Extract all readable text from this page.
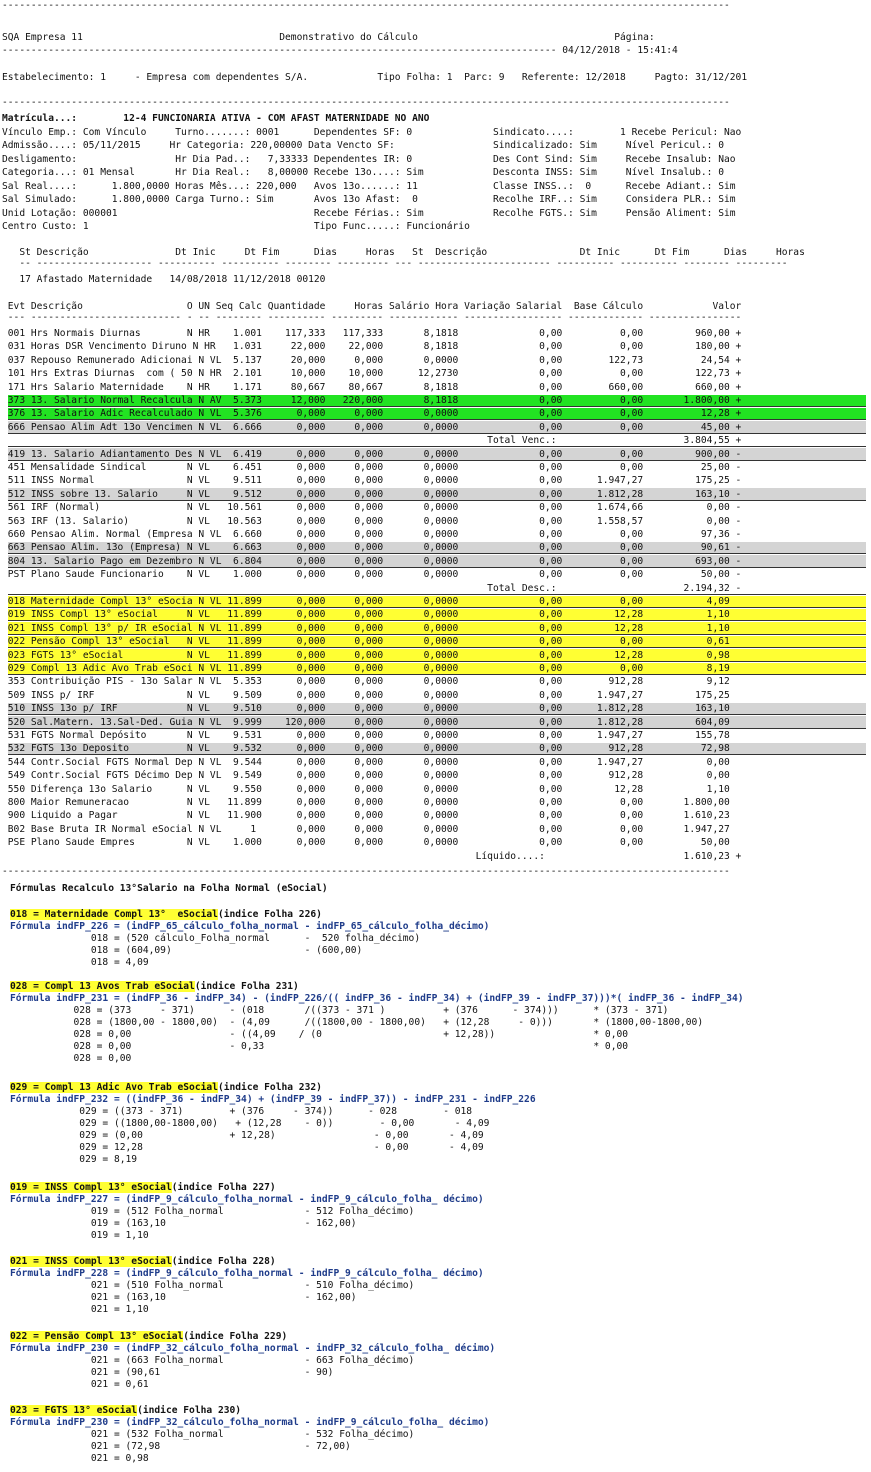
------------------------------------------------------------------------------------------------------------------------------
SQA Empresa 11                                  Demonstrativo do Cálculo                                  Página:
------------------------------------------------------------------------------------------------ 04/12/2018 - 15:41:4
Estabelecimento: 1     - Empresa com dependentes S/A.            Tipo Folha: 1  Parc: 9   Referente: 12/2018     Pagto: 31/12/201
------------------------------------------------------------------------------------------------------------------------------
Matrícula...:        12-4 FUNCIONARIA ATIVA - COM AFAST MATERNIDADE NO ANO
Vínculo Emp.: Com Vínculo     Turno.......: 0001      Dependentes SF: 0              Sindicato....:        1 Recebe Pericul: Nao
Admissão....: 05/11/2015     Hr Categoria: 220,00000 Data Vencto SF:                 Sindicalizado: Sim     Nível Pericul.: 0
Desligamento:                 Hr Dia Pad..:   7,33333 Dependentes IR: 0              Des Cont Sind: Sim     Recebe Insalub: Nao
Categoria...: 01 Mensal       Hr Dia Real.:   8,00000 Recebe 13o....: Sim            Desconta INSS: Sim     Nível Insalub.: 0
Sal Real....:      1.800,0000 Horas Mês...: 220,000   Avos 13o......: 11             Classe INSS..:  0      Recebe Adiant.: Sim
Sal Simulado:      1.800,0000 Carga Turno.: Sim       Avos 13o Afast:  0             Recolhe IRF..: Sim     Considera PLR.: Sim
Unid Lotação: 000001                                  Recebe Férias.: Sim            Recolhe FGTS.: Sim     Pensão Aliment: Sim
Centro Custo: 1                                       Tipo Func.....: Funcionário
St Descrição               Dt Inic     Dt Fim      Dias     Horas   St  Descrição                Dt Inic      Dt Fim      Dias     Horas
-- -------------------- ---------- ---------- -------- --------- --- ----------------------- ---------- ---------- -------- ---------
17 Afastado Maternidade   14/08/2018 11/12/2018 00120
Evt Descrição                  O UN Seq Calc Quantidade     Horas Salário Hora Variação Salarial  Base Cálculo            Valor
--- -------------------------- - -- -------- ---------- --------- ------------ ----------------- ------------- ----------------
001 Hrs Normais Diurnas        N HR    1.001    117,333   117,333       8,1818              0,00          0,00         960,00 +
031 Horas DSR Vencimento Diruno N HR   1.031     22,000    22,000       8,1818              0,00          0,00         180,00 +
037 Repouso Remunerado Adicionai N VL  5.137     20,000     0,000       0,0000              0,00        122,73          24,54 +
101 Hrs Extras Diurnas  com ( 50 N HR  2.101     10,000    10,000      12,2730              0,00          0,00         122,73 +
171 Hrs Salario Maternidade    N HR    1.171     80,667    80,667       8,1818              0,00        660,00         660,00 +
373 13. Salario Normal Recalcula N AV  5.373     12,000   220,000       8,1818              0,00          0,00       1.800,00 +
376 13. Salario Adic Recalculado N VL  5.376      0,000     0,000       0,0000              0,00          0,00          12,28 +
666 Pensao Alim Adt 13o Vencimen N VL  6.666      0,000     0,000       0,0000              0,00          0,00          45,00 +
Total Venc.:                      3.804,55 +
419 13. Salario Adiantamento Des N VL  6.419      0,000     0,000       0,0000              0,00          0,00         900,00 -
451 Mensalidade Sindical       N VL    6.451      0,000     0,000       0,0000              0,00          0,00          25,00 -
511 INSS Normal                N VL    9.511      0,000     0,000       0,0000              0,00      1.947,27         175,25 -
512 INSS sobre 13. Salario     N VL    9.512      0,000     0,000       0,0000              0,00      1.812,28         163,10 -
561 IRF (Normal)               N VL   10.561      0,000     0,000       0,0000              0,00      1.674,66           0,00 -
563 IRF (13. Salario)          N VL   10.563      0,000     0,000       0,0000              0,00      1.558,57           0,00 -
660 Pensao Alim. Normal (Empresa N VL  6.660      0,000     0,000       0,0000              0,00          0,00          97,36 -
663 Pensao Alim. 13o (Empresa) N VL    6.663      0,000     0,000       0,0000              0,00          0,00          90,61 -
804 13. Salario Pago em Dezembro N VL  6.804      0,000     0,000       0,0000              0,00          0,00         693,00 -
PST Plano Saude Funcionario    N VL    1.000      0,000     0,000       0,0000              0,00          0,00          50,00 -
Total Desc.:                      2.194,32 -
018 Maternidade Compl 13° eSocia N VL 11.899      0,000     0,000       0,0000              0,00          0,00           4,09
019 INSS Compl 13° eSocial     N VL   11.899      0,000     0,000       0,0000              0,00         12,28           1,10
021 INSS Compl 13° p/ IR eSocial N VL 11.899      0,000     0,000       0,0000              0,00         12,28           1,10
022 Pensão Compl 13° eSocial   N VL   11.899      0,000     0,000       0,0000              0,00          0,00           0,61
023 FGTS 13° eSocial           N VL   11.899      0,000     0,000       0,0000              0,00         12,28           0,98
029 Compl 13 Adic Avo Trab eSoci N VL 11.899      0,000     0,000       0,0000              0,00          0,00           8,19
353 Contribuição PIS - 13o Salar N VL  5.353      0,000     0,000       0,0000              0,00        912,28           9,12
509 INSS p/ IRF                N VL    9.509      0,000     0,000       0,0000              0,00      1.947,27         175,25
510 INSS 13o p/ IRF            N VL    9.510      0,000     0,000       0,0000              0,00      1.812,28         163,10
520 Sal.Matern. 13.Sal-Ded. Guia N VL  9.999    120,000     0,000       0,0000              0,00      1.812,28         604,09
531 FGTS Normal Depósito       N VL    9.531      0,000     0,000       0,0000              0,00      1.947,27         155,78
532 FGTS 13o Deposito          N VL    9.532      0,000     0,000       0,0000              0,00        912,28          72,98
544 Contr.Social FGTS Normal Dep N VL  9.544      0,000     0,000       0,0000              0,00      1.947,27           0,00
549 Contr.Social FGTS Décimo Dep N VL  9.549      0,000     0,000       0,0000              0,00        912,28           0,00
550 Diferença 13o Salario      N VL    9.550      0,000     0,000       0,0000              0,00         12,28           1,10
800 Maior Remuneracao          N VL   11.899      0,000     0,000       0,0000              0,00          0,00       1.800,00
900 Liquido a Pagar            N VL   11.900      0,000     0,000       0,0000              0,00          0,00       1.610,23
B02 Base Bruta IR Normal eSocial N VL     1       0,000     0,000       0,0000              0,00          0,00       1.947,27
PSE Plano Saude Empres         N VL    1.000      0,000     0,000       0,0000              0,00          0,00          50,00
Líquido....:                        1.610,23 +
------------------------------------------------------------------------------------------------------------------------------
Fórmulas Recalculo 13°Salario na Folha Normal (eSocial)
018 = Maternidade Compl 13°  eSocial(indice Folha 226)
Fórmula indFP_226 = (indFP_65_cálculo_folha_normal - indFP_65_cálculo_folha_décimo)
018 = (520 cálculo_Folha_normal      -  520 folha_décimo)
018 = (604,09)                       - (600,00)
018 = 4,09
028 = Compl 13 Avos Trab eSocial(indice Folha 231)
Fórmula indFP_231 = (indFP_36 - indFP_34) - (indFP_226/(( indFP_36 - indFP_34) + (indFP_39 - indFP_37)))*( indFP_36 - indFP_34)
028 = (373     - 371)      - (018       /((373 - 371 )          + (376      - 374)))      * (373 - 371)
028 = (1800,00 - 1800,00)  - (4,09      /((1800,00 - 1800,00)   + (12,28     - 0)))       * (1800,00-1800,00)
028 = 0,00                 - ((4,09    / (0                     + 12,28))                 * 0,00
028 = 0,00                 - 0,33                                                         * 0,00
028 = 0,00
029 = Compl 13 Adic Avo Trab eSocial(indice Folha 232)
Fórmula indFP_232 = ((indFP_36 - indFP_34) + (indFP_39 - indFP_37)) - indFP_231 - indFP_226
029 = ((373 - 371)        + (376     - 374))      - 028        - 018
029 = ((1800,00-1800,00)   + (12,28    - 0))        - 0,00       - 4,09
029 = (0,00               + 12,28)                 - 0,00       - 4,09
029 = 12,28                                        - 0,00       - 4,09
029 = 8,19
019 = INSS Compl 13° eSocial(indice Folha 227)
Fórmula indFP_227 = (indFP_9_cálculo_folha_normal - indFP_9_cálculo_folha_ décimo)
019 = (512 Folha_normal              - 512 Folha_décimo)
019 = (163,10                        - 162,00)
019 = 1,10
021 = INSS Compl 13° eSocial(indice Folha 228)
Fórmula indFP_228 = (indFP_9_cálculo_folha_normal - indFP_9_cálculo_folha_ décimo)
021 = (510 Folha_normal              - 510 Folha_décimo)
021 = (163,10                        - 162,00)
021 = 1,10
022 = Pensão Compl 13° eSocial(indice Folha 229)
Fórmula indFP_230 = (indFP_32_cálculo_folha_normal - indFP_32_cálculo_folha_ décimo)
021 = (663 Folha_normal              - 663 Folha_décimo)
021 = (90,61                         - 90)
021 = 0,61
023 = FGTS 13° eSocial(indice Folha 230)
Fórmula indFP_230 = (indFP_32_cálculo_folha_normal - indFP_9_cálculo_folha_ décimo)
021 = (532 Folha_normal              - 532 Folha_décimo)
021 = (72,98                         - 72,00)
021 = 0,98
